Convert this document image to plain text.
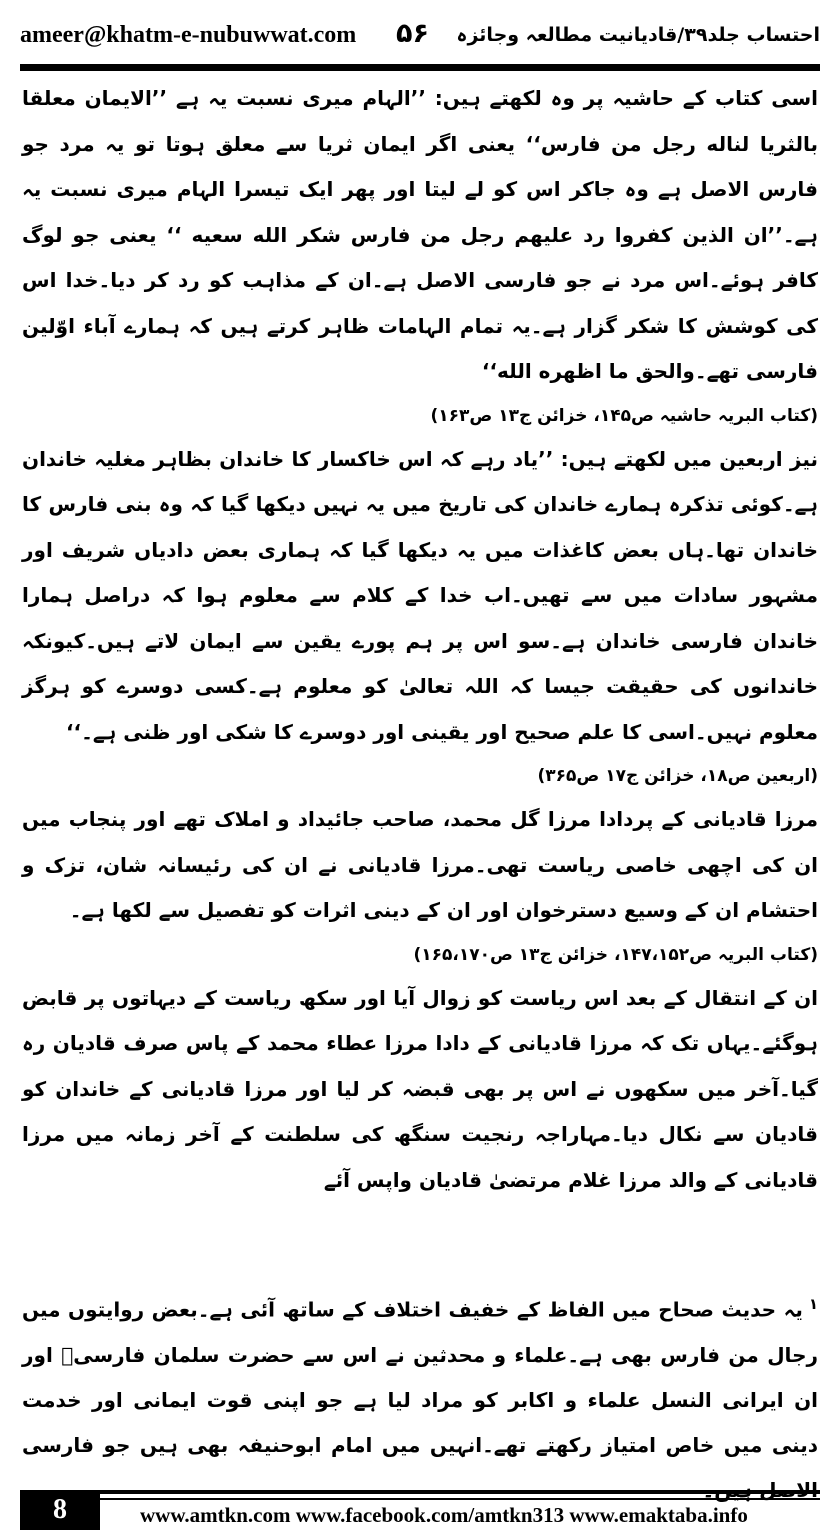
ameer@khatm-e-nubuwwat.com ۵۶ احتساب جلد۳۹/قادیانیت مطالعہ وجائزہ

اسی کتاب کے حاشیہ پر وہ لکھتے ہیں: ’’الہام میری نسبت یہ ہے ’’الایمان معلقا بالثریا لناله رجل من فارس‘‘ یعنی اگر ایمان ثریا سے معلق ہوتا تو یہ مرد جو فارس الاصل ہے وہ جاکر اس کو لے لیتا اور پھر ایک تیسرا الہام میری نسبت یہ ہے۔’’ان الذین کفروا رد علیهم رجل من فارس شکر الله سعیه ‘‘ یعنی جو لوگ کافر ہوئے۔اس مرد نے جو فارسی الاصل ہے۔ان کے مذاہب کو رد کر دیا۔خدا اس کی کوشش کا شکر گزار ہے۔یہ تمام الہامات ظاہر کرتے ہیں کہ ہمارے آباء اوّلین فارسی تھے۔والحق ما اظهره الله‘‘

(کتاب البریہ حاشیہ ص۱۴۵، خزائن ج۱۳ ص۱۶۳)

نیز اربعین میں لکھتے ہیں: ’’یاد رہے کہ اس خاکسار کا خاندان بظاہر مغلیہ خاندان ہے۔کوئی تذکرہ ہمارے خاندان کی تاریخ میں یہ نہیں دیکھا گیا کہ وہ بنی فارس کا خاندان تھا۔ہاں بعض کاغذات میں یہ دیکھا گیا کہ ہماری بعض دادیاں شریف اور مشہور سادات میں سے تھیں۔اب خدا کے کلام سے معلوم ہوا کہ دراصل ہمارا خاندان فارسی خاندان ہے۔سو اس پر ہم پورے یقین سے ایمان لاتے ہیں۔کیونکہ خاندانوں کی حقیقت جیسا کہ اللہ تعالیٰ کو معلوم ہے۔کسی دوسرے کو ہرگز معلوم نہیں۔اسی کا علم صحیح اور یقینی اور دوسرے کا شکی اور ظنی ہے۔‘‘

(اربعین ص۱۸، خزائن ج۱۷ ص۳۶۵)

مرزا قادیانی کے پردادا مرزا گل محمد، صاحب جائیداد و املاک تھے اور پنجاب میں ان کی اچھی خاصی ریاست تھی۔مرزا قادیانی نے ان کی رئیسانہ شان، تزک و احتشام ان کے وسیع دسترخوان اور ان کے دینی اثرات کو تفصیل سے لکھا ہے۔

(کتاب البریہ ص۱۴۷،۱۵۲، خزائن ج۱۳ ص۱۶۵،۱۷۰)

ان کے انتقال کے بعد اس ریاست کو زوال آیا اور سکھ ریاست کے دیہاتوں پر قابض ہوگئے۔یہاں تک کہ مرزا قادیانی کے دادا مرزا عطاء محمد کے پاس صرف قادیان رہ گیا۔آخر میں سکھوں نے اس پر بھی قبضہ کر لیا اور مرزا قادیانی کے خاندان کو قادیان سے نکال دیا۔مہاراجہ رنجیت سنگھ کی سلطنت کے آخر زمانہ میں مرزا قادیانی کے والد مرزا غلام مرتضیٰ قادیان واپس آئے

$^۱$یہ حدیث صحاح میں الفاظ کے خفیف اختلاف کے ساتھ آئی ہے۔بعض روایتوں میں رجال من فارس بھی ہے۔علماء و محدثین نے اس سے حضرت سلمان فارسیؓ اور ان ایرانی النسل علماء و اکابر کو مراد لیا ہے جو اپنی قوت ایمانی اور خدمت دینی میں خاص امتیاز رکھتے تھے۔انہیں میں امام ابوحنیفہ بھی ہیں جو فارسی
8	www.amtkn.com www.facebook.com/amtkn313 www.emaktaba.info
